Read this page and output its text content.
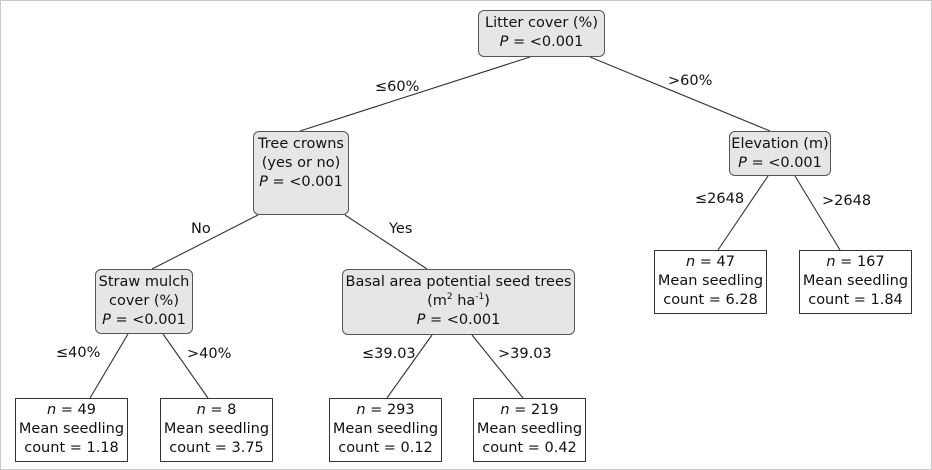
Litter cover (%)
P = <0.001
Tree crowns
(yes or no)
P = <0.001
Elevation (m)
P = <0.001
Straw mulch
cover (%)
P = <0.001
Basal area potential seed trees
($m^2$ $ha^{-1}$)
P = <0.001
n = 49
Mean seedling
count = 1.18
n = 8
Mean seedling
count = 3.75
n = 293
Mean seedling
count = 0.12
n = 219
Mean seedling
count = 0.42
n = 47
Mean seedling
count = 6.28
n = 167
Mean seedling
count = 1.84
≤60%	>60%
No	Yes
≤2648	>2648
≤40%	>40%	≤39.03	>39.03
